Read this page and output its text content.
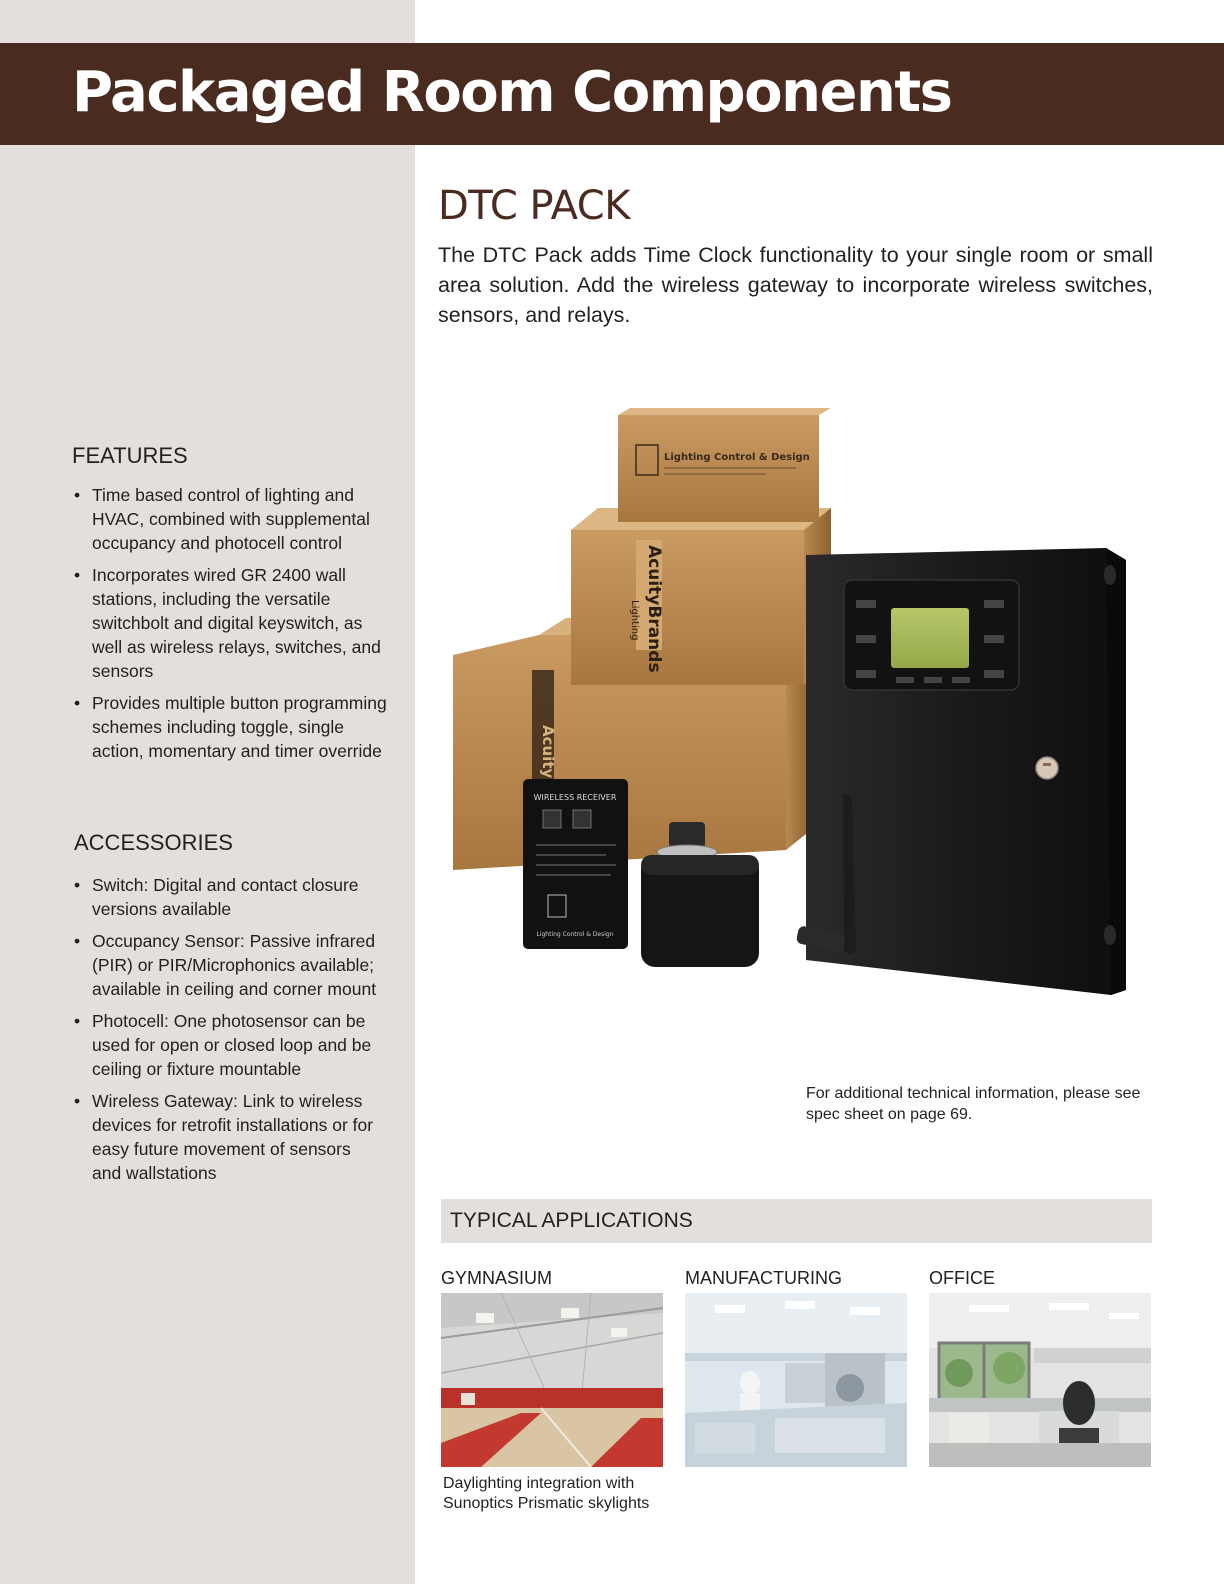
Packaged Room Components
DTC PACK

The DTC Pack adds Time Clock functionality to your single room or small area solution. Add the wireless gateway to incorporate wireless switches, sensors, and relays.

FEATURES
• Time based control of lighting and HVAC, combined with supplemental occupancy and photocell control
• Incorporates wired GR 2400 wall stations, including the versatile switchbolt and digital keyswitch, as well as wireless relays, switches, and sensors
• Provides multiple button programming schemes including toggle, single action, momentary and timer override
ACCESSORIES
• Switch: Digital and contact closure versions available
• Occupancy Sensor: Passive infrared (PIR) or PIR/Microphonics available; available in ceiling and corner mount
• Photocell: One photosensor can be used for open or closed loop and be ceiling or fixture mountable
• Wireless Gateway: Link to wireless devices for retrofit installations or for easy future movement of sensors and wallstations
AcuityBrands
Lighting
Lighting Control & Design
WIRELESS RECEIVER
Lighting Control & Design

For additional technical information, please see spec sheet on page 69.

TYPICAL APPLICATIONS
GYMNASIUM	MANUFACTURING	OFFICE

Daylighting integration with Sunoptics Prismatic skylights
